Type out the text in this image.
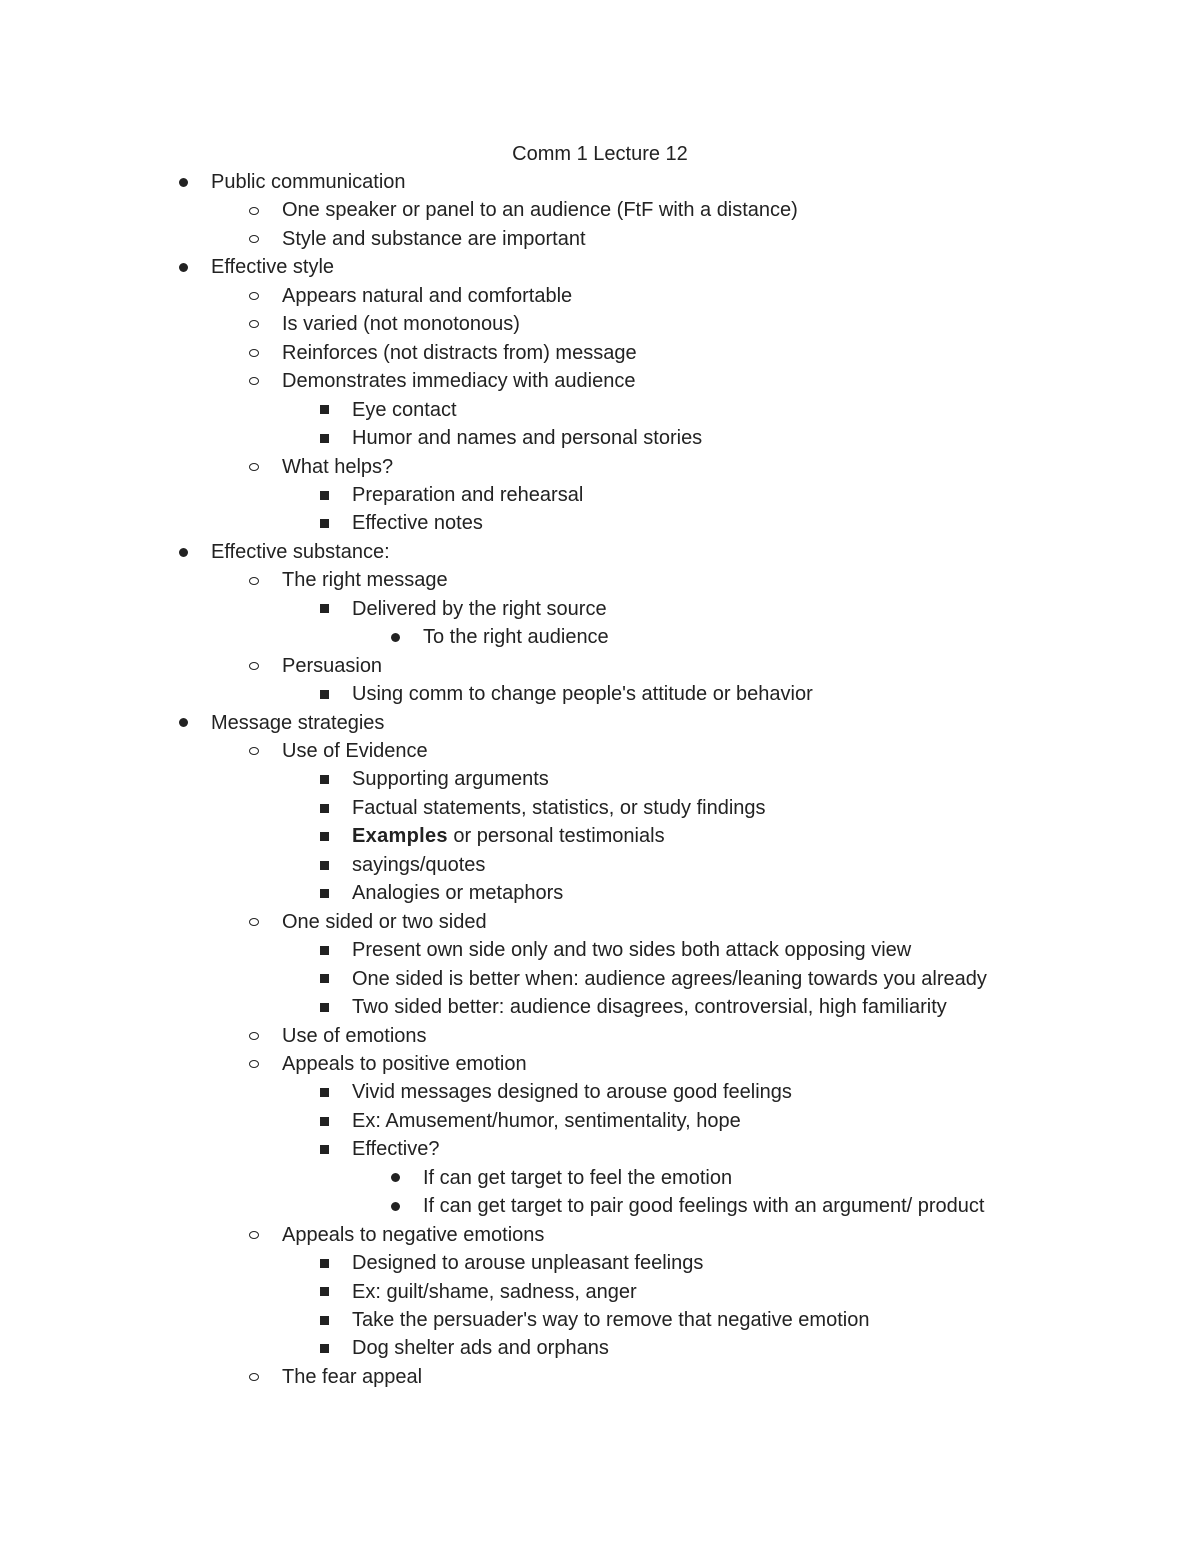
Comm 1 Lecture 12
Public communication
One speaker or panel to an audience (FtF with a distance)
Style and substance are important
Effective style
Appears natural and comfortable
Is varied (not monotonous)
Reinforces (not distracts from) message
Demonstrates immediacy with audience
Eye contact
Humor and names and personal stories
What helps?
Preparation and rehearsal
Effective notes
Effective substance:
The right message
Delivered by the right source
To the right audience
Persuasion
Using comm to change people's attitude or behavior
Message strategies
Use of Evidence
Supporting arguments
Factual statements, statistics, or study findings
Examples or personal testimonials
sayings/quotes
Analogies or metaphors
One sided or two sided
Present own side only and two sides both attack opposing view
One sided is better when: audience agrees/leaning towards you already
Two sided better: audience disagrees, controversial, high familiarity
Use of emotions
Appeals to positive emotion
Vivid messages designed to arouse good feelings
Ex: Amusement/humor, sentimentality, hope
Effective?
If can get target to feel the emotion
If can get target to pair good feelings with an argument/ product
Appeals to negative emotions
Designed to arouse unpleasant feelings
Ex: guilt/shame, sadness, anger
Take the persuader's way to remove that negative emotion
Dog shelter ads and orphans
The fear appeal
